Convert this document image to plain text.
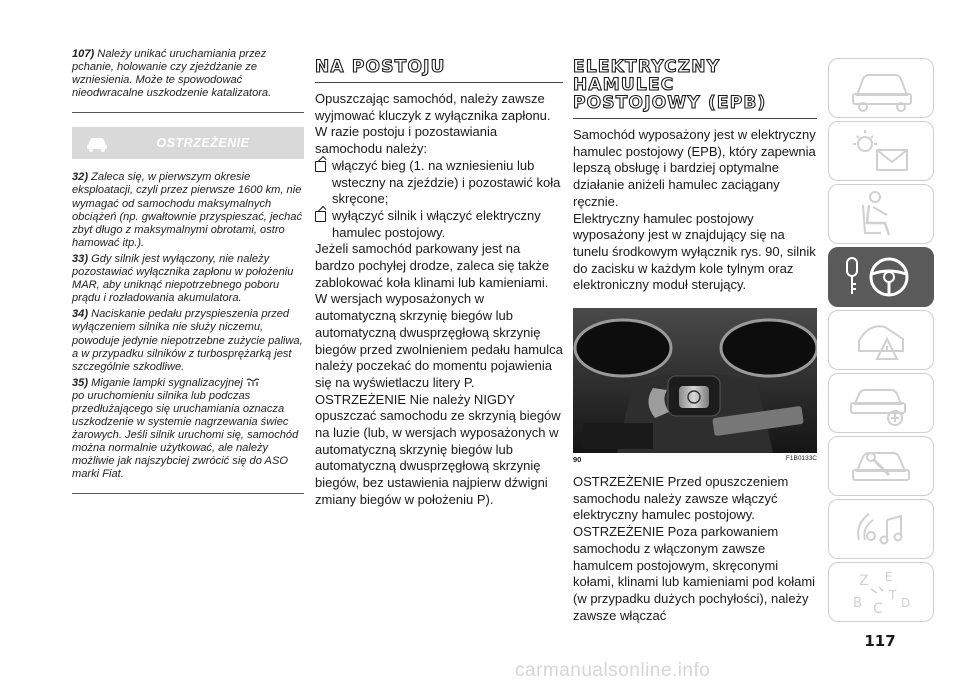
107) Należy unikać uruchamiania przez pchanie, holowanie czy zjeżdżanie ze wzniesienia. Może te spowodować nieodwracalne uszkodzenie katalizatora.

OSTRZEŻENIE

32) Zaleca się, w pierwszym okresie eksploatacji, czyli przez pierwsze 1600 km, nie wymagać od samochodu maksymalnych obciążeń (np. gwałtownie przyspieszać, jechać zbyt długo z maksymalnymi obrotami, ostro hamować itp.).

33) Gdy silnik jest wyłączony, nie należy pozostawiać wyłącznika zapłonu w położeniu MAR, aby uniknąć niepotrzebnego poboru prądu i rozładowania akumulatora.

34) Naciskanie pedału przyspieszenia przed wyłączeniem silnika nie służy niczemu, powoduje jedynie niepotrzebne zużycie paliwa, a w przypadku silników z turbosprężarką jest szczególnie szkodliwe.

35) Miganie lampki sygnalizacyjnej
po uruchomieniu silnika lub podczas przedłużającego się uruchamiania oznacza uszkodzenie w systemie nagrzewania świec żarowych. Jeśli silnik uruchomi się, samochód można normalnie użytkować, ale należy możliwie jak najszybciej zwrócić się do ASO marki Fiat.

NA POSTOJU

Opuszczając samochód, należy zawsze wyjmować kluczyk z wyłącznika zapłonu.

W razie postoju i pozostawiania samochodu należy:

włączyć bieg (1. na wzniesieniu lub wsteczny na zjeździe) i pozostawić koła skręcone;

wyłączyć silnik i włączyć elektryczny hamulec postojowy.

Jeżeli samochód parkowany jest na bardzo pochyłej drodze, zaleca się także zablokować koła klinami lub kamieniami.

W wersjach wyposażonych w automatyczną skrzynię biegów lub automatyczną dwusprzęgłową skrzynię biegów przed zwolnieniem pedału hamulca należy poczekać do momentu pojawienia się na wyświetlaczu litery P.

OSTRZEŻENIE Nie należy NIGDY opuszczać samochodu ze skrzynią biegów na luzie (lub, w wersjach wyposażonych w automatyczną skrzynię biegów lub automatyczną dwusprzęgłową skrzynię biegów, bez ustawienia najpierw dźwigni zmiany biegów w położeniu P).

ELEKTRYCZNY
HAMULEC
POSTOJOWY (EPB)

Samochód wyposażony jest w elektryczny hamulec postojowy (EPB), który zapewnia lepszą obsługę i bardziej optymalne działanie aniżeli hamulec zaciągany ręcznie.

Elektryczny hamulec postojowy wyposażony jest w znajdujący się na tunelu środkowym wyłącznik rys. 90, silnik do zacisku w każdym kole tylnym oraz elektroniczny moduł sterujący.

90	F1B0133C

OSTRZEŻENIE Przed opuszczeniem samochodu należy zawsze włączyć elektryczny hamulec postojowy.

OSTRZEŻENIE Poza parkowaniem samochodu z włączonym zawsze hamulcem postojowym, skręconymi kołami, klinami lub kamieniami pod kołami (w przypadku dużych pochyłości), należy zawsze włączać

Z E
B C
T
D
117
carmanualsonline.info
